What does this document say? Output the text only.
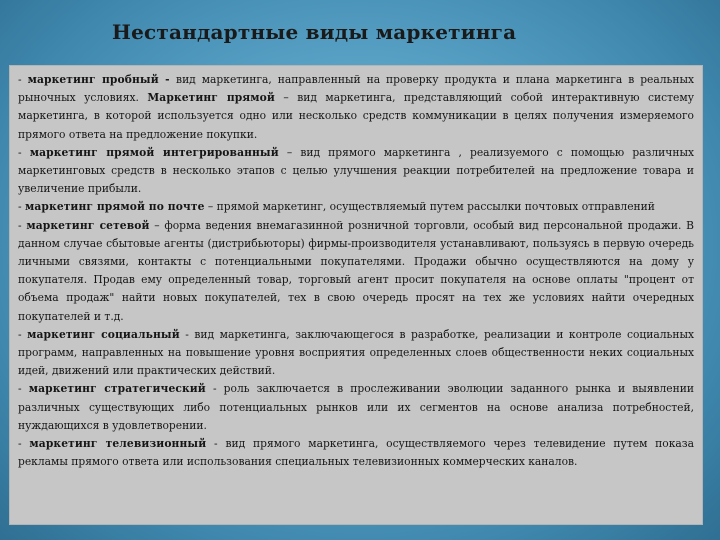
Нестандартные виды маркетинга

- маркетинг пробный - вид маркетинга, направленный на проверку продукта и плана маркетинга в реальных рыночных условиях. Маркетинг прямой – вид маркетинга, представляющий собой интерактивную систему маркетинга, в которой используется одно или несколько средств коммуникации в целях получения измеряемого прямого ответа на предложение покупки.

- маркетинг прямой интегрированный – вид прямого маркетинга , реализуемого с помощью различных маркетинговых средств в несколько этапов с целью улучшения реакции потребителей на предложение товара и увеличение прибыли.

- маркетинг прямой по почте – прямой маркетинг, осуществляемый путем рассылки почтовых отправлений

- маркетинг сетевой – форма ведения внемагазинной розничной торговли, особый вид персональной продажи. В данном случае сбытовые агенты (дистрибьюторы) фирмы-производителя устанавливают, пользуясь в первую очередь личными связями, контакты с потенциальными покупателями. Продажи обычно осуществляются на дому у покупателя. Продав ему определенный товар, торговый агент просит покупателя на основе оплаты "процент от объема продаж" найти новых покупателей, тех в свою очередь просят на тех же условиях найти очередных покупателей и т.д.

- маркетинг социальный - вид маркетинга, заключающегося в разработке, реализации и контроле социальных программ, направленных на повышение уровня восприятия определенных слоев общественности неких социальных идей, движений или практических действий.

- маркетинг стратегический - роль заключается в прослеживании эволюции заданного рынка и выявлении различных существующих либо потенциальных рынков или их сегментов на основе анализа потребностей, нуждающихся в удовлетворении.

- маркетинг телевизионный - вид прямого маркетинга, осуществляемого через телевидение путем показа рекламы прямого ответа или использования специальных телевизионных коммерческих каналов.
